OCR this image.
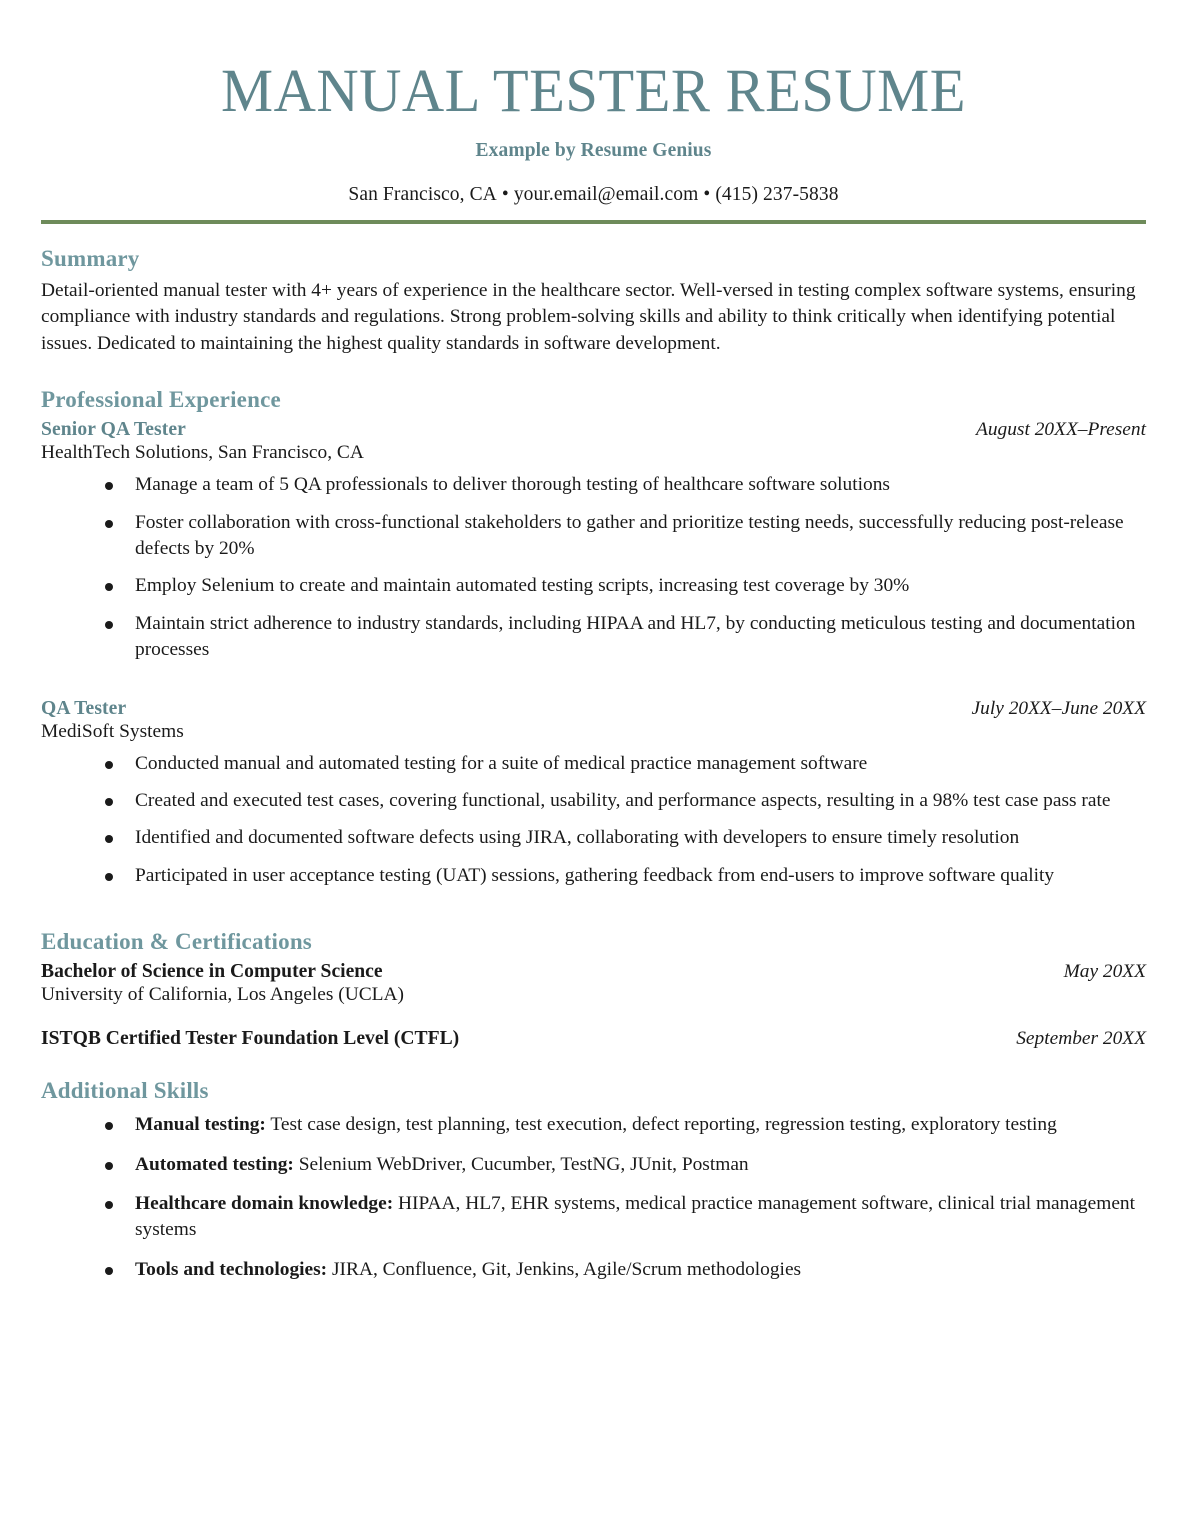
MANUAL TESTER RESUME
Example by Resume Genius
San Francisco, CA • your.email@email.com • (415) 237-5838
Summary

Detail-oriented manual tester with 4+ years of experience in the healthcare sector. Well-versed in testing complex software systems, ensuring compliance with industry standards and regulations. Strong problem-solving skills and ability to think critically when identifying potential issues. Dedicated to maintaining the highest quality standards in software development.

Professional Experience
Senior QA Tester	August 20XX–Present
HealthTech Solutions, San Francisco, CA
Manage a team of 5 QA professionals to deliver thorough testing of healthcare software solutions
Foster collaboration with cross-functional stakeholders to gather and prioritize testing needs, successfully reducing post-release defects by 20%
Employ Selenium to create and maintain automated testing scripts, increasing test coverage by 30%
Maintain strict adherence to industry standards, including HIPAA and HL7, by conducting meticulous testing and documentation processes
QA Tester	July 20XX–June 20XX
MediSoft Systems
Conducted manual and automated testing for a suite of medical practice management software
Created and executed test cases, covering functional, usability, and performance aspects, resulting in a 98% test case pass rate
Identified and documented software defects using JIRA, collaborating with developers to ensure timely resolution
Participated in user acceptance testing (UAT) sessions, gathering feedback from end-users to improve software quality
Education & Certifications
Bachelor of Science in Computer Science	May 20XX
University of California, Los Angeles (UCLA)
ISTQB Certified Tester Foundation Level (CTFL)	September 20XX
Additional Skills
Manual testing: Test case design, test planning, test execution, defect reporting, regression testing, exploratory testing
Automated testing: Selenium WebDriver, Cucumber, TestNG, JUnit, Postman
Healthcare domain knowledge: HIPAA, HL7, EHR systems, medical practice management software, clinical trial management systems
Tools and technologies: JIRA, Confluence, Git, Jenkins, Agile/Scrum methodologies
